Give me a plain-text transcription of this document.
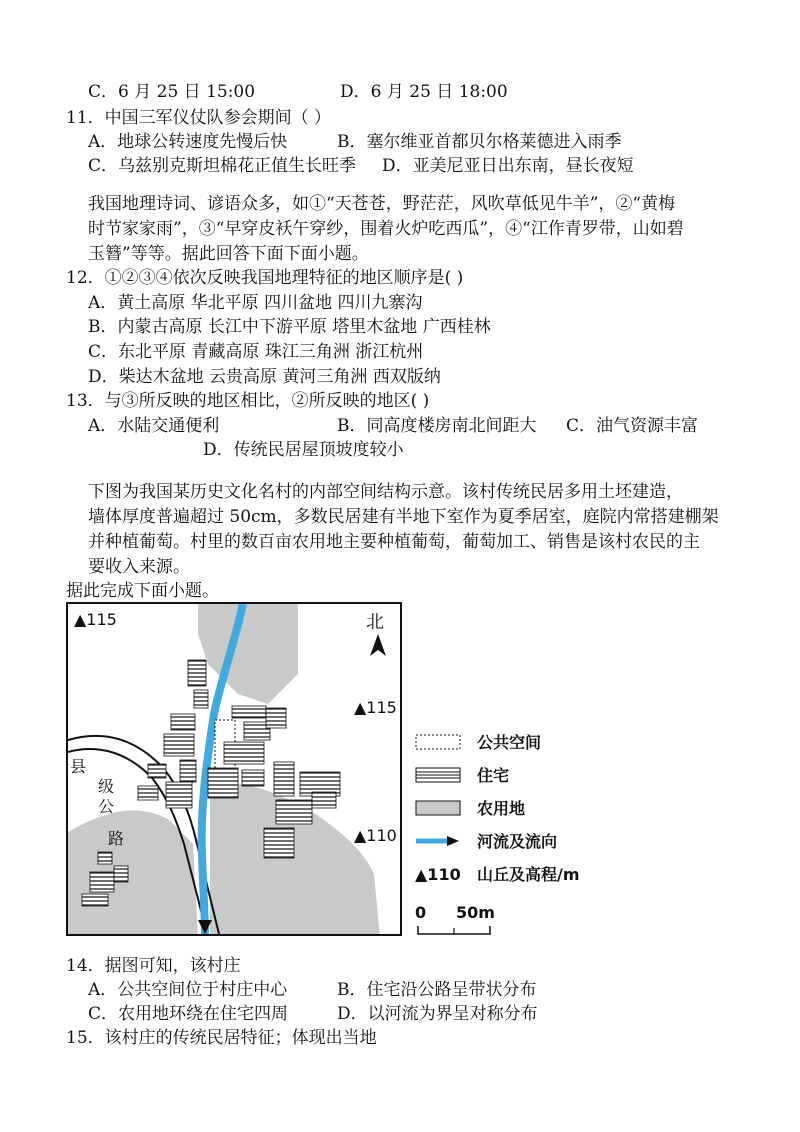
C．6 月 25 日 15:00	D．6 月 25 日 18:00
11．中国三军仪仗队参会期间（ ）
A．地球公转速度先慢后快	B．塞尔维亚首都贝尔格莱德进入雨季
C．乌兹别克斯坦棉花正值生长旺季 D．亚美尼亚日出东南，昼长夜短
我国地理诗词、谚语众多，如①“天苍苍，野茫茫，风吹草低见牛羊”，②“黄梅
时节家家雨”，③“早穿皮袄午穿纱，围着火炉吃西瓜”，④“江作青罗带，山如碧
玉簪”等等。据此回答下面下面小题。
12．①②③④依次反映我国地理特征的地区顺序是( )
A．黄土高原 华北平原 四川盆地 四川九寨沟
B．内蒙古高原 长江中下游平原 塔里木盆地 广西桂林
C．东北平原 青藏高原 珠江三角洲 浙江杭州
D．柴达木盆地 云贵高原 黄河三角洲 西双版纳
13．与③所反映的地区相比，②所反映的地区( )
A．水陆交通便利	B．同高度楼房南北间距大 C．油气资源丰富
D．传统民居屋顶坡度较小
下图为我国某历史文化名村的内部空间结构示意。该村传统民居多用土坯建造，
墙体厚度普遍超过 50cm，多数民居建有半地下室作为夏季居室，庭院内常搭建棚架
并种植葡萄。村里的数百亩农用地主要种植葡萄，葡萄加工、销售是该村农民的主
要收入来源。
据此完成下面小题。
▲115
▲115
▲110
北
县
级
公
路
公共空间
住宅
农用地
河流及流向
▲110 山丘及高程/m
0 50m
14．据图可知，该村庄
A．公共空间位于村庄中心	B．住宅沿公路呈带状分布
C．农用地环绕在住宅四周	D．以河流为界呈对称分布
15．该村庄的传统民居特征；体现出当地
